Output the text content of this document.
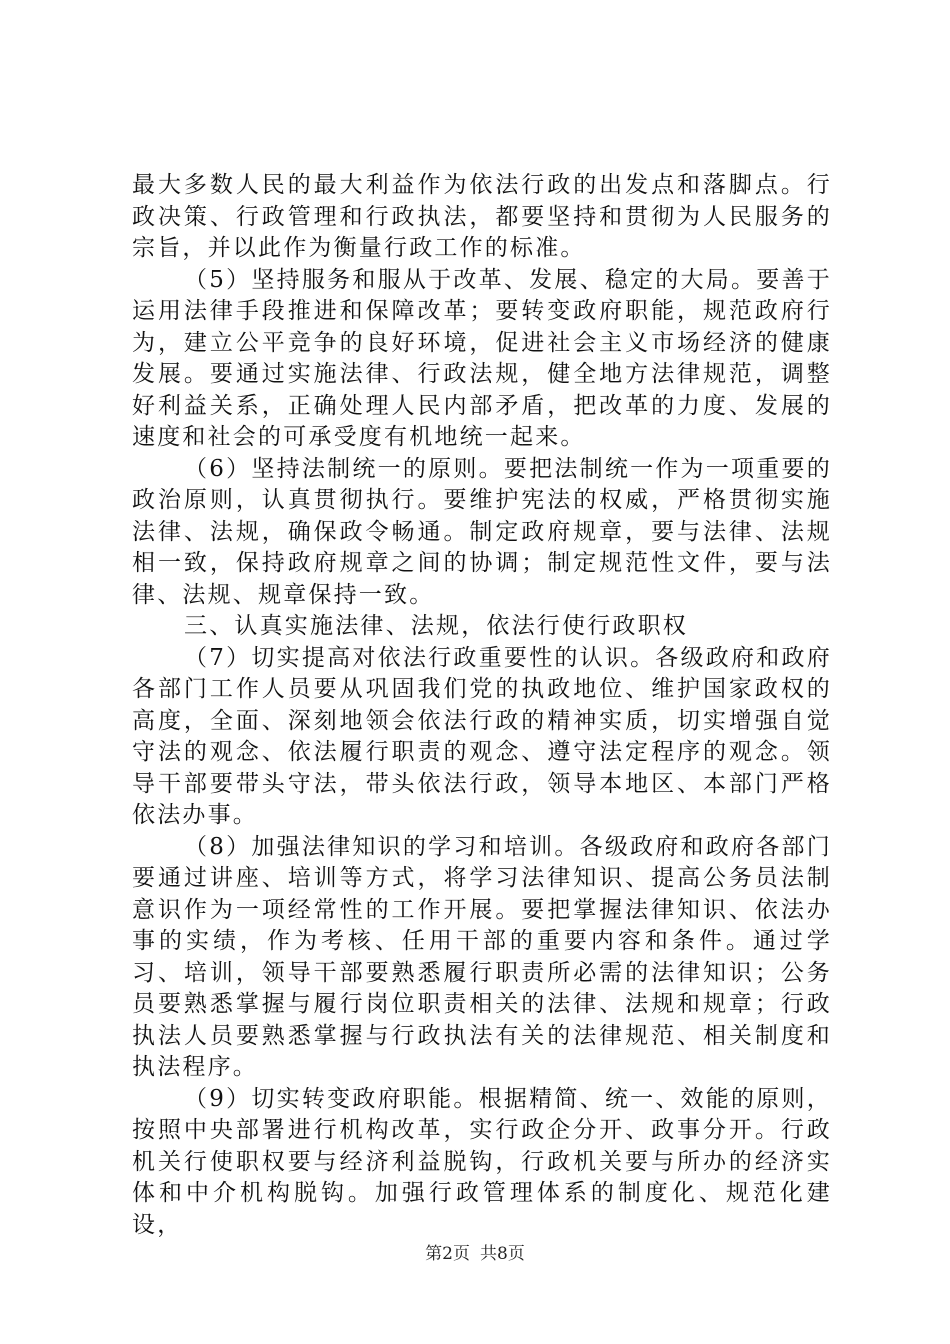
最大多数人民的最大利益作为依法行政的出发点和落脚点。行政决策、行政管理和行政执法，都要坚持和贯彻为人民服务的宗旨，并以此作为衡量行政工作的标准。

（5）坚持服务和服从于改革、发展、稳定的大局。要善于运用法律手段推进和保障改革；要转变政府职能，规范政府行为，建立公平竞争的良好环境，促进社会主义市场经济的健康发展。要通过实施法律、行政法规，健全地方法律规范，调整好利益关系，正确处理人民内部矛盾，把改革的力度、发展的速度和社会的可承受度有机地统一起来。

（6）坚持法制统一的原则。要把法制统一作为一项重要的政治原则，认真贯彻执行。要维护宪法的权威，严格贯彻实施法律、法规，确保政令畅通。制定政府规章，要与法律、法规相一致，保持政府规章之间的协调；制定规范性文件，要与法律、法规、规章保持一致。

三、认真实施法律、法规，依法行使行政职权

（7）切实提高对依法行政重要性的认识。各级政府和政府各部门工作人员要从巩固我们党的执政地位、维护国家政权的高度，全面、深刻地领会依法行政的精神实质，切实增强自觉守法的观念、依法履行职责的观念、遵守法定程序的观念。领导干部要带头守法，带头依法行政，领导本地区、本部门严格依法办事。

（8）加强法律知识的学习和培训。各级政府和政府各部门要通过讲座、培训等方式，将学习法律知识、提高公务员法制意识作为一项经常性的工作开展。要把掌握法律知识、依法办事的实绩，作为考核、任用干部的重要内容和条件。通过学习、培训，领导干部要熟悉履行职责所必需的法律知识；公务员要熟悉掌握与履行岗位职责相关的法律、法规和规章；行政执法人员要熟悉掌握与行政执法有关的法律规范、相关制度和执法程序。

（9）切实转变政府职能。根据精简、统一、效能的原则，按照中央部署进行机构改革，实行政企分开、政事分开。行政机关行使职权要与经济利益脱钩，行政机关要与所办的经济实体和中介机构脱钩。加强行政管理体系的制度化、规范化建设，

第2页 共8页
